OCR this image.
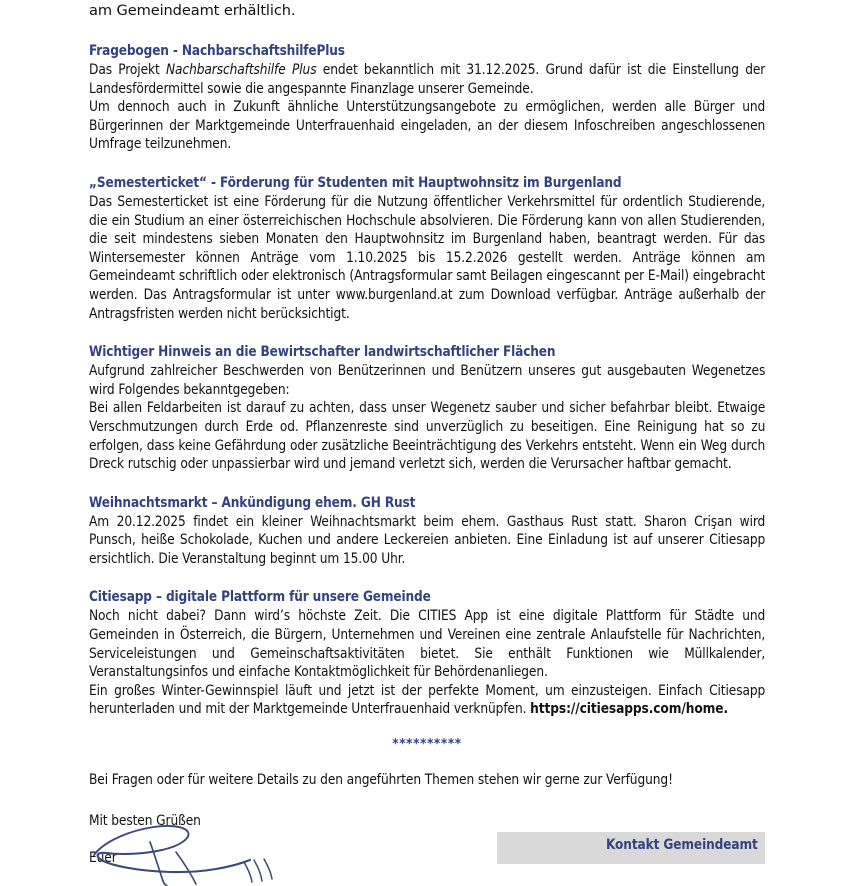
am Gemeindeamt erhältlich.

Fragebogen - NachbarschaftshilfePlus

Das Projekt Nachbarschaftshilfe Plus endet bekanntlich mit 31.12.2025. Grund dafür ist die Einstellung der Landesfördermittel sowie die angespannte Finanzlage unserer Gemeinde.

Um dennoch auch in Zukunft ähnliche Unterstützungsangebote zu ermöglichen, werden alle Bürger und Bürgerinnen der Marktgemeinde Unterfrauenhaid eingeladen, an der diesem Infoschreiben angeschlossenen Umfrage teilzunehmen.

„Semesterticket“ - Förderung für Studenten mit Hauptwohnsitz im Burgenland

Das Semesterticket ist eine Förderung für die Nutzung öffentlicher Verkehrsmittel für ordentlich Studierende, die ein Studium an einer österreichischen Hochschule absolvieren. Die Förderung kann von allen Studierenden, die seit mindestens sieben Monaten den Hauptwohnsitz im Burgenland haben, beantragt werden. Für das Wintersemester können Anträge vom 1.10.2025 bis 15.2.2026 gestellt werden. Anträge können am Gemeindeamt schriftlich oder elektronisch (Antragsformular samt Beilagen eingescannt per E-Mail) eingebracht werden. Das Antragsformular ist unter www.burgenland.at zum Download verfügbar. Anträge außerhalb der Antragsfristen werden nicht berücksichtigt.

Wichtiger Hinweis an die Bewirtschafter landwirtschaftlicher Flächen

Aufgrund zahlreicher Beschwerden von Benützerinnen und Benützern unseres gut ausgebauten Wegenetzes wird Folgendes bekanntgegeben:

Bei allen Feldarbeiten ist darauf zu achten, dass unser Wegenetz sauber und sicher befahrbar bleibt. Etwaige Verschmutzungen durch Erde od. Pflanzenreste sind unverzüglich zu beseitigen. Eine Reinigung hat so zu erfolgen, dass keine Gefährdung oder zusätzliche Beeinträchtigung des Verkehrs entsteht. Wenn ein Weg durch Dreck rutschig oder unpassierbar wird und jemand verletzt sich, werden die Verursacher haftbar gemacht.

Weihnachtsmarkt – Ankündigung ehem. GH Rust

Am 20.12.2025 findet ein kleiner Weihnachtsmarkt beim ehem. Gasthaus Rust statt. Sharon Crişan wird Punsch, heiße Schokolade, Kuchen und andere Leckereien anbieten. Eine Einladung ist auf unserer Citiesapp ersichtlich. Die Veranstaltung beginnt um 15.00 Uhr.

Citiesapp – digitale Plattform für unsere Gemeinde

Noch nicht dabei? Dann wird’s höchste Zeit. Die CITIES App ist eine digitale Plattform für Städte und Gemeinden in Österreich, die Bürgern, Unternehmen und Vereinen eine zentrale Anlaufstelle für Nachrichten, Serviceleistungen und Gemeinschaftsaktivitäten bietet. Sie enthält Funktionen wie Müllkalender, Veranstaltungsinfos und einfache Kontaktmöglichkeit für Behördenanliegen.

Ein großes Winter-Gewinnspiel läuft und jetzt ist der perfekte Moment, um einzusteigen. Einfach Citiesapp herunterladen und mit der Marktgemeinde Unterfrauenhaid verknüpfen. https://citiesapps.com/home.

**********

Bei Fragen oder für weitere Details zu den angeführten Themen stehen wir gerne zur Verfügung!

Mit besten Grüßen

Euer

Kontakt Gemeindeamt
